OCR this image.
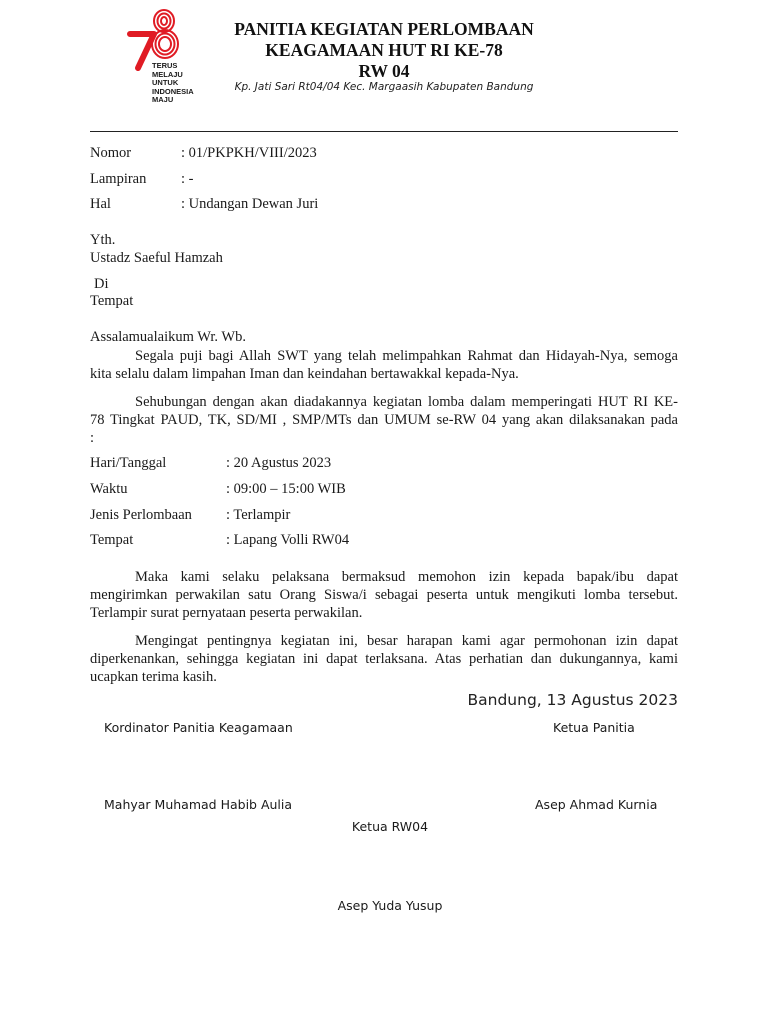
TERUS
MELAJU
UNTUK
INDONESIA
MAJU
PANITIA KEGIATAN PERLOMBAAN
KEAGAMAAN HUT RI KE-78
RW 04
Kp. Jati Sari Rt04/04 Kec. Margaasih Kabupaten Bandung
Nomor	: 01/PKPKH/VIII/2023
Lampiran : -
Hal	: Undangan Dewan Juri
Yth.
Ustadz Saeful Hamzah
Di
Tempat
Assalamualaikum Wr. Wb.
Segala puji bagi Allah SWT yang telah melimpahkan Rahmat dan Hidayah-Nya, semoga
kita selalu dalam limpahan Iman dan keindahan bertawakkal kepada-Nya.
Sehubungan dengan akan diadakannya kegiatan lomba dalam memperingati HUT RI KE-
78 Tingkat PAUD, TK, SD/MI , SMP/MTs dan UMUM se-RW 04 yang akan dilaksanakan pada
:
Hari/Tanggal	: 20 Agustus 2023
Waktu	: 09:00 – 15:00 WIB
Jenis Perlombaan : Terlampir
Tempat	: Lapang Volli RW04
Maka kami selaku pelaksana bermaksud memohon izin kepada bapak/ibu dapat
mengirimkan perwakilan satu Orang Siswa/i sebagai peserta untuk mengikuti lomba tersebut.
Terlampir surat pernyataan peserta perwakilan.
Mengingat pentingnya kegiatan ini, besar harapan kami agar permohonan izin dapat
diperkenankan, sehingga kegiatan ini dapat terlaksana. Atas perhatian dan dukungannya, kami
ucapkan terima kasih.
Bandung, 13 Agustus 2023
Kordinator Panitia Keagamaan	Ketua Panitia
Mahyar Muhamad Habib Aulia	Asep Ahmad Kurnia
Ketua RW04
Asep Yuda Yusup
